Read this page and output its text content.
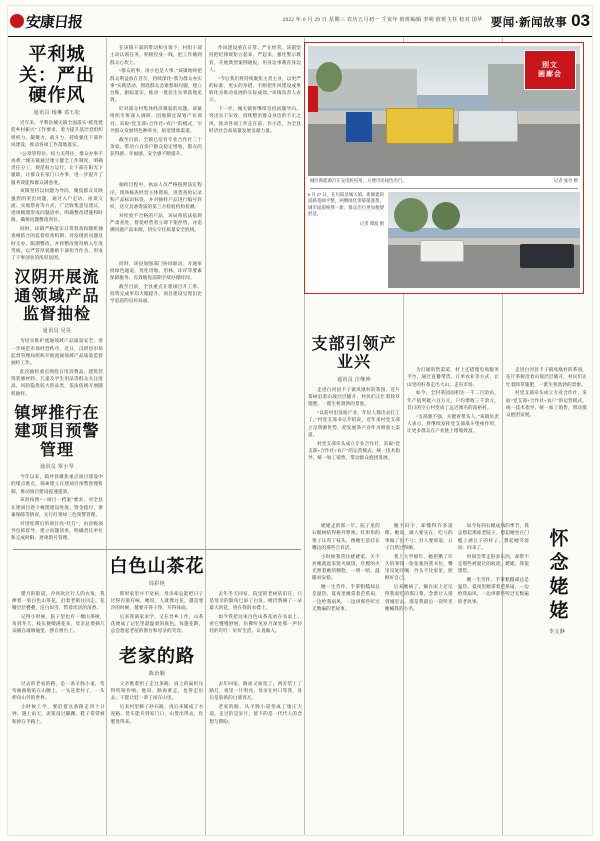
安康日报	2022 年 6 月 29 日 星期三 农历五月初一 壬寅年 值班编辑 李明 值班主任 校对 国华 要闻·新闻故事 03
平利城关：严出硬作风
通讯员 杨琳 邓玉松

近年来，平利县城关镇全面落实“抓党建促乡村振兴”工作要求，着力提升基层党组织组织力、凝聚力、战斗力，持续强化干部作风建设，推动各项工作落地落实。

“公章管得住、权力关得住，群众办事不再难。”城关镇通过建立健全工作制度，明确责任分工，规范权力运行，让干部在阳光下履职，让群众在家门口办事，进一步提升了服务效能和群众满意度。

该镇坚持以问题为导向，聚焦群众反映强烈的突出问题，通过入户走访、座谈交流、实地察看等方式，广泛收集意见建议，逐项梳理形成问题清单，明确整改措施和时限，确保问题整改到位。

同时，该镇严格落实日常督查和随机抽查相结合的监督检查机制，对发现的问题及时交办、限期整改，并将整改情况纳入年度考核，以严管厚爱激励干部担当作为，形成了干事创业的浓厚氛围。

汉阴开展流通领域产品监督抽检
通讯员 吴昊

为切实维护流通领域产品质量安全，进一步规范市场经营秩序，近日，汉阴县市场监督管理局组织开展流通领域产品质量监督抽检工作。

此次抽检重点围绕日用消费品、建筑装饰装修材料、儿童及学生用品等群众关注度高、风险隐患较大的品类，依法依规开展随机抽样。

镇坪推行在建项目预警管理
通讯员 覃小琴

今年以来，镇坪县聚焦重点项目建设中的堵点难点，探索建立在建项目预警管理机制，推动项目建设提速提效。

该县按照“一项目一档案”要求，对全县在建项目逐个梳理建设进度、资金拨付、要素保障等情况，实行红黄绿三色预警管理。

对进度滞后的项目亮“红灯”，由县级领导包抓督导，建立问题清单，明确责任单位和完成时限，逐项销号管理。

在该镇干部的带动和引领下，村组干部主动认领任务，积极投身一线，把工作做到群众心坎上。

“群众的事，再小也是大事。”该镇始终把群众利益放在首位，持续深化“我为群众办实事”实践活动，围绕群众急难愁盼问题，建立台账、跟踪落实，推动一批民生实事落地见效。

针对部分村集体经济薄弱的问题，该镇组织专班深入调研，因地制宜谋划产业项目，采取“党支部+合作社+农户”的模式，引导群众发展特色种养业，拓宽增收渠道。

截至目前，全镇已培育专业合作社二十余家，带动六百余户群众稳定增收，群众的获得感、幸福感、安全感不断提升。

抽检过程中，执法人员严格按照法定程序，现场核查经营主体资质、进货查验记录和产品标识标签，并对抽样产品进行编号封样，送交具备资质的第三方检验机构检测。

对检验不合格的产品，该局将依法依规严肃查处，督促经营者立即下架停售，并追溯问题产品来源，切实守住质量安全底线。

同时，该县加强部门协同联动，开通审批绿色通道，优化用地、用林、环评等要素保障服务，有效缩短前期手续办理时间。

截至目前，全县重点在建项目开工率、投资完成率均大幅提升，项目建设呈现出比学赶超的良好局面。

作风建设重在日常、严在经常。该镇坚持把纪律规矩立起来、严起来，强化警示教育，开展典型案例通报，用身边事教育身边人。

“今后我们将持续聚焦主责主业，以更严的标准、更实的举措，不断把作风建设成果转化为推动发展的实际成效。”该镇负责人表示。

下一步，城关镇将继续坚持问题导向，突出实干实效，持续整治群众身边的不正之风，推动各项工作走在前、作示范，为全县经济社会高质量发展贡献力量。

支部引领产业兴
通讯员 汪继坤

走进白河县卡子镇凤凰村的茶园，连片茶树沿着山坡层层铺开，村民们正忙着除草施肥，一派生机勃勃的景象。

“以前村里没啥产业，年轻人都出去打工了。”村党支部书记介绍说，近年来村党支部立足资源优势，把发展茶产业作为增收主渠道。

村党支部牵头成立专业合作社，采取“党支部+合作社+农户”的运营模式，统一技术指导、统一加工销售，带动群众抱团发展。

为打通销售渠道，村上还搭建电商服务平台，通过直播带货、订单农业等方式，让山里的好茶走出大山、走向市场。

如今，全村茶园面积达一千二百余亩，年产值突破六百万元，户均增收三千余元，昔日的空心村变成了远近闻名的富裕村。

“支部强不强，关键看带头人。”该镇负责人表示，将继续发挥党支部战斗堡垒作用，让更多群众在产业链上增收致富。

走进白河县卡子镇凤凰村的茶园，连片茶树沿着山坡层层铺开，村民们正忙着除草施肥，一派生机勃勃的景象。

村党支部牵头成立专业合作社，采取“党支部+合作社+农户”的运营模式，统一技术指导、统一加工销售，带动群众抱团发展。

别文
画廊会
城区新能源汽车充电桩投用，方便市民绿色出行。	记者 张亭 摄
6 月 27 日，在旬阳县城关镇，新修建的道路宽阔平整，两侧绿化带郁郁葱葱，城市面貌焕然一新，群众出行更加便捷舒适。
记者 谭波 摄
白色山茶花
周彩艳

腊月的街道，冷风吹过行人的衣角，我捧着一束白色山茶花，沿着老街往回走。花瓣层层叠叠，洁白如雪，带着淡淡的清香。

记得小时候，院子里也有一棵山茶树，每到冬天，枝头便缀满花朵，母亲总要摘几朵插在玻璃瓶里，摆在窗台上。

那时家里并不宽裕，母亲却总能把日子过得有滋有味。她说，人就像这花，越是寒冷的时候，越要开得干净、开得体面。

后来我离家求学，又在异乡工作，山茶花便成了记忆里最温柔的底色。每逢花期，总会想起老屋的窗台和母亲的笑容。

去年冬天回家，院里的老树依旧在，只是母亲的鬓角已添了白发。她仍然摘了一朵最大的花，别在我的衣襟上。

如今我把这束白色山茶花放在书桌上，看它慢慢舒展，仿佛听见岁月深处那一声轻轻的叮咛：好好生活，认真做人。

老家的路
陈治顺

过去的老家的路，是一条羊肠小道，弯弯曲曲地贴在山腰上，一头连着村子，一头伸向山外的世界。

小时候上学，要沿着这条路走四十分钟。遇上雨天，泥浆没过脚踝，鞋子常常被粘掉在半路上。

父亲挑着担子走这条路，肩上的扁担压得吱呀作响。他说，路再难走，也得走出去，不能让娃一辈子困在山里。

后来村里修了砂石路，再后来铺成了水泥路。货车能开到家门口，山货出得去，化肥进得来。

去年回家，路面又加宽了，两旁装上了路灯，夜里一片明亮。母亲在村口等我，身后是崭新的白墙青瓦。

老家的路，从羊肠小道变成了康庄大道，走过的是岁月，留下的是一代代人的念想与期盼。

姥姥走的那一年，院子里的石榴树结得格外繁密。红彤彤的果子压弯了枝头，像她生前挂在嘴边的那些吉祥话。

小时候我常住姥姥家。天不亮她就起来烧火做饭，灶膛的火光照着她的侧脸，一明一暗，温暖而安稳。

她一生劳作，手掌粗糙却总是温热。夏夜里她拿着芭蕉扇，一边给我扇风，一边讲那些听过无数遍的老故事。

她不识字，却懂得许多道理。她说，做人要实在，吃亏的事做了也不亏；对人要厚道，日子自然过得顺。

我上大学那年，她把攒了许久的零钱一张张塞进我书包，嘴里反复叮嘱：外头不比家里，照顾好自己。

后来她病了，躺在床上还记得我爱吃的那口菜，念着让人捎到城里去。那是我最后一次听见她喊我的小名。

如今每到石榴成熟的季节，我总想起那座老院子，想起她坐在门槛上剥豆子的样子，想起她笑着说：回来了。

时间会带走很多东西，却带不走那些被爱过的痕迹。姥姥，我很想您。

她一生劳作，手掌粗糙却总是温热。夏夜里她拿着芭蕉扇，一边给我扇风，一边讲那些听过无数遍的老故事。	怀念姥姥
李文静
